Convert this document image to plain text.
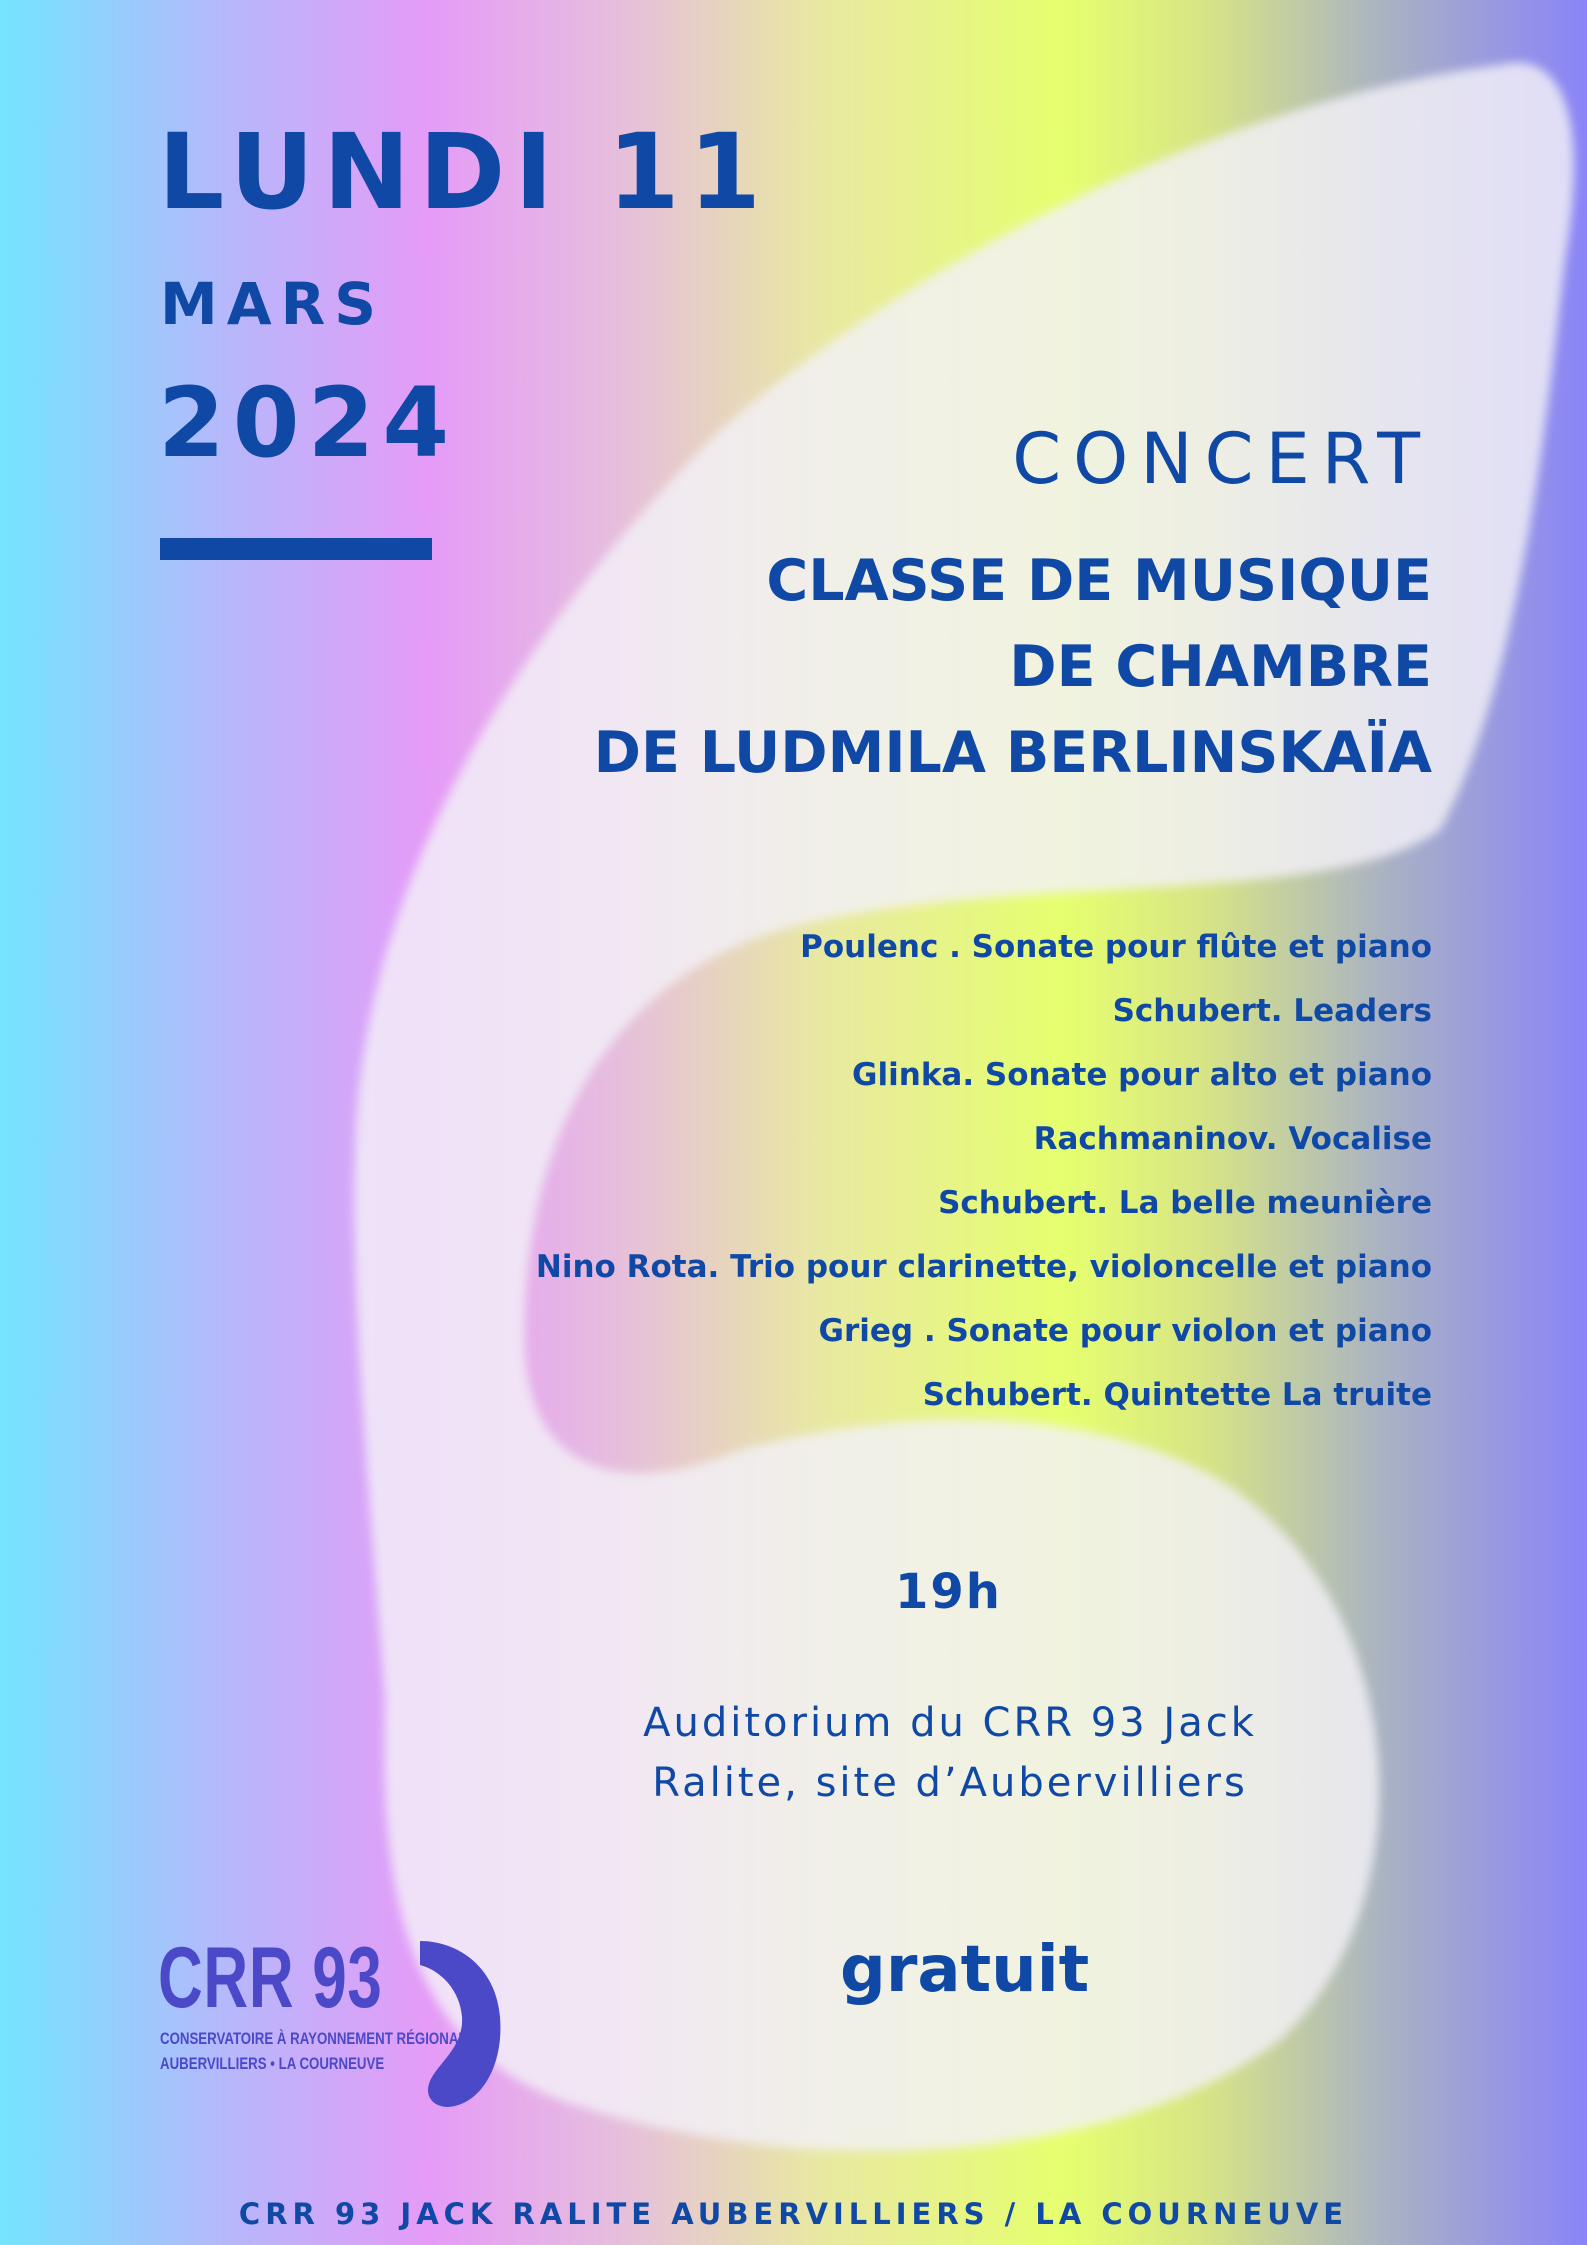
LUNDI 11
MARS
2024	CONCERT
CLASSE DE MUSIQUE
DE CHAMBRE
DE LUDMILA BERLINSKAÏA
Poulenc . Sonate pour flûte et piano
Schubert. Leaders
Glinka. Sonate pour alto et piano
Rachmaninov. Vocalise
Schubert. La belle meunière
Nino Rota. Trio pour clarinette, violoncelle et piano
Grieg . Sonate pour violon et piano
Schubert. Quintette La truite
19h
Auditorium du CRR 93 Jack
Ralite, site d’Aubervilliers
gratuit
CRR 93
CONSERVATOIRE À RAYONNEMENT RÉGIONAL
AUBERVILLIERS • LA COURNEUVE
CRR 93 JACK RALITE AUBERVILLIERS / LA COURNEUVE
